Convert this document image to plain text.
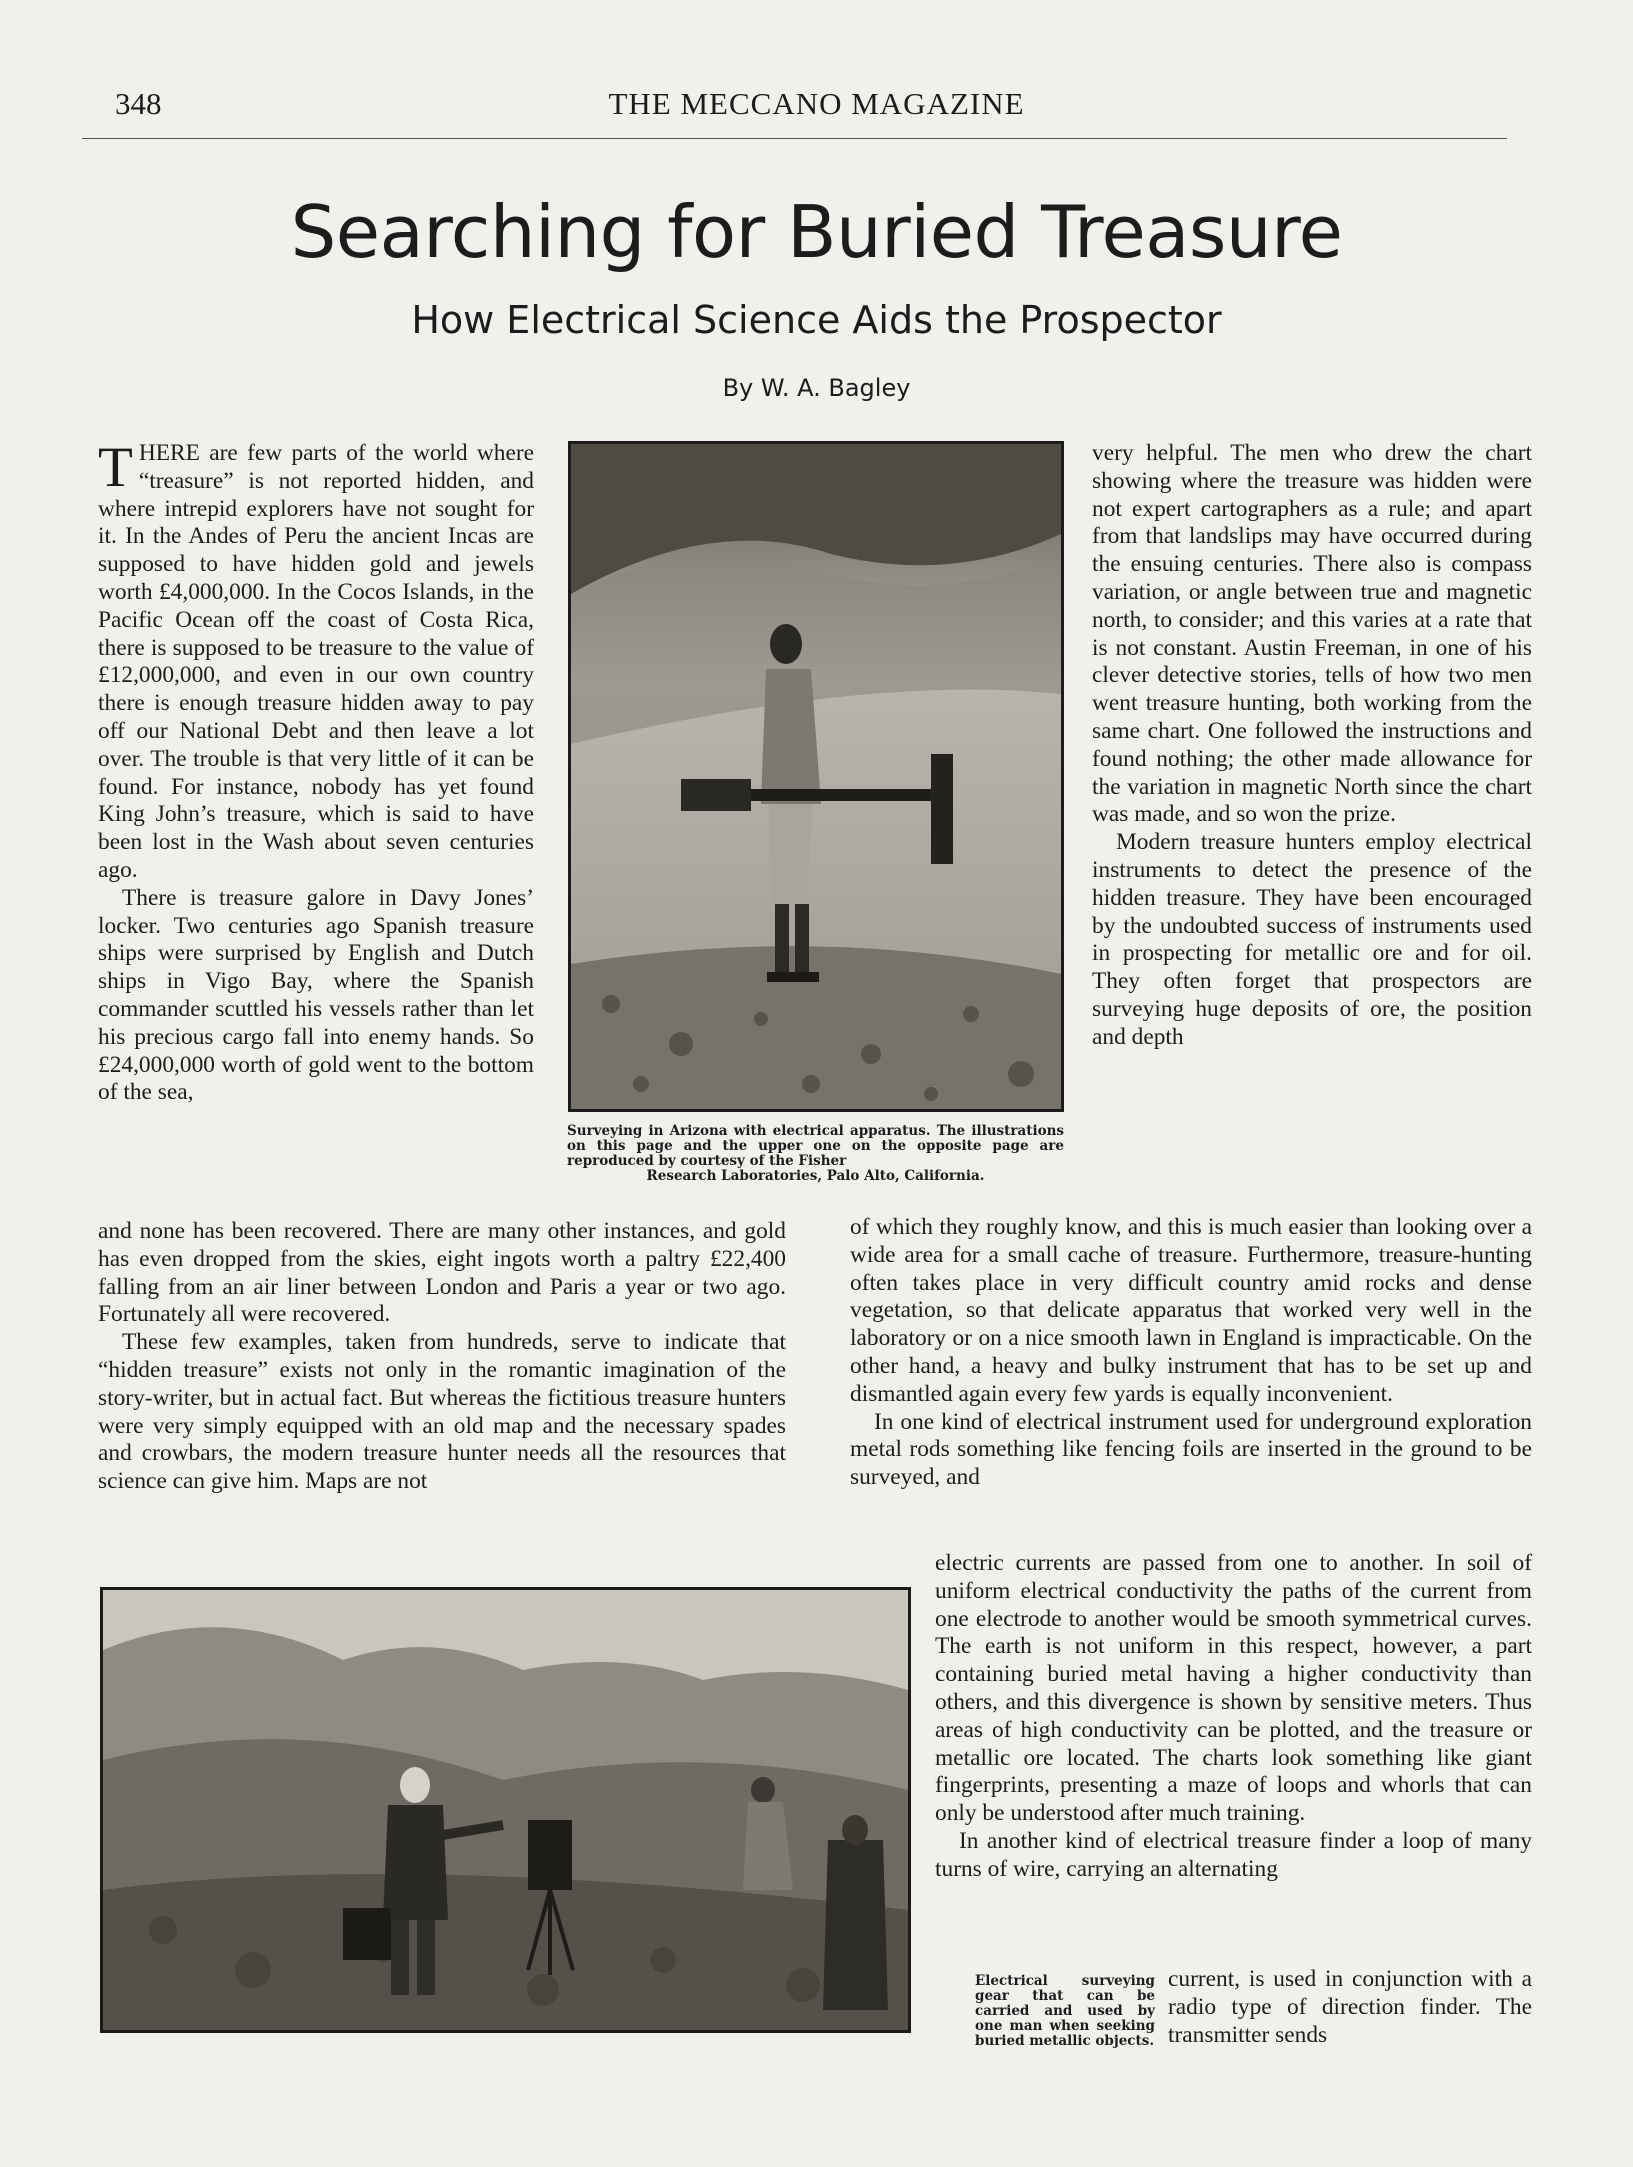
348	THE MECCANO MAGAZINE
Searching for Buried Treasure
How Electrical Science Aids the Prospector
By W. A. Bagley

THERE are few parts of the world where “treasure” is not reported hidden, and where intrepid explorers have not sought for it. In the Andes of Peru the ancient Incas are supposed to have hidden gold and jewels worth £4,000,000. In the Cocos Islands, in the Pacific Ocean off the coast of Costa Rica, there is supposed to be treasure to the value of £12,000,000, and even in our own country there is enough treasure hidden away to pay off our National Debt and then leave a lot over. The trouble is that very little of it can be found. For instance, nobody has yet found King John’s treasure, which is said to have been lost in the Wash about seven centuries ago.

There is treasure galore in Davy Jones’ locker. Two centuries ago Spanish treasure ships were surprised by English and Dutch ships in Vigo Bay, where the Spanish commander scuttled his vessels rather than let his precious cargo fall into enemy hands. So £24,000,000 worth of gold went to the bottom of the sea,

Surveying in Arizona with electrical apparatus. The illustrations on this page and the upper one on the opposite page are reproduced by courtesy of the Fisher
Research Laboratories, Palo Alto, California.

very helpful. The men who drew the chart showing where the treasure was hidden were not expert cartographers as a rule; and apart from that landslips may have occurred during the ensuing centuries. There also is compass variation, or angle between true and magnetic north, to consider; and this varies at a rate that is not constant. Austin Freeman, in one of his clever detective stories, tells of how two men went treasure hunting, both working from the same chart. One followed the instructions and found nothing; the other made allowance for the variation in magnetic North since the chart was made, and so won the prize.

Modern treasure hunters employ electrical instruments to detect the presence of the hidden treasure. They have been encouraged by the undoubted success of instruments used in prospecting for metallic ore and for oil. They often forget that prospectors are surveying huge deposits of ore, the position and depth

and none has been recovered. There are many other instances, and gold has even dropped from the skies, eight ingots worth a paltry £22,400 falling from an air liner between London and Paris a year or two ago. Fortunately all were recovered.

These few examples, taken from hundreds, serve to indicate that “hidden treasure” exists not only in the romantic imagination of the story-writer, but in actual fact. But whereas the fictitious treasure hunters were very simply equipped with an old map and the necessary spades and crowbars, the modern treasure hunter needs all the resources that science can give him. Maps are not

of which they roughly know, and this is much easier than looking over a wide area for a small cache of treasure. Furthermore, treasure-hunting often takes place in very difficult country amid rocks and dense vegetation, so that delicate apparatus that worked very well in the laboratory or on a nice smooth lawn in England is impracticable. On the other hand, a heavy and bulky instrument that has to be set up and dismantled again every few yards is equally inconvenient.

In one kind of electrical instrument used for underground exploration metal rods something like fencing foils are inserted in the ground to be surveyed, and

electric currents are passed from one to another. In soil of uniform electrical conductivity the paths of the current from one electrode to another would be smooth symmetrical curves. The earth is not uniform in this respect, however, a part containing buried metal having a higher conductivity than others, and this divergence is shown by sensitive meters. Thus areas of high conductivity can be plotted, and the treasure or metallic ore located. The charts look something like giant fingerprints, presenting a maze of loops and whorls that can only be understood after much training.

In another kind of electrical treasure finder a loop of many turns of wire, carrying an alternating

Electrical surveying gear that can be carried and used by one man when seeking buried metallic objects.

current, is used in conjunction with a radio type of direction finder. The transmitter sends
